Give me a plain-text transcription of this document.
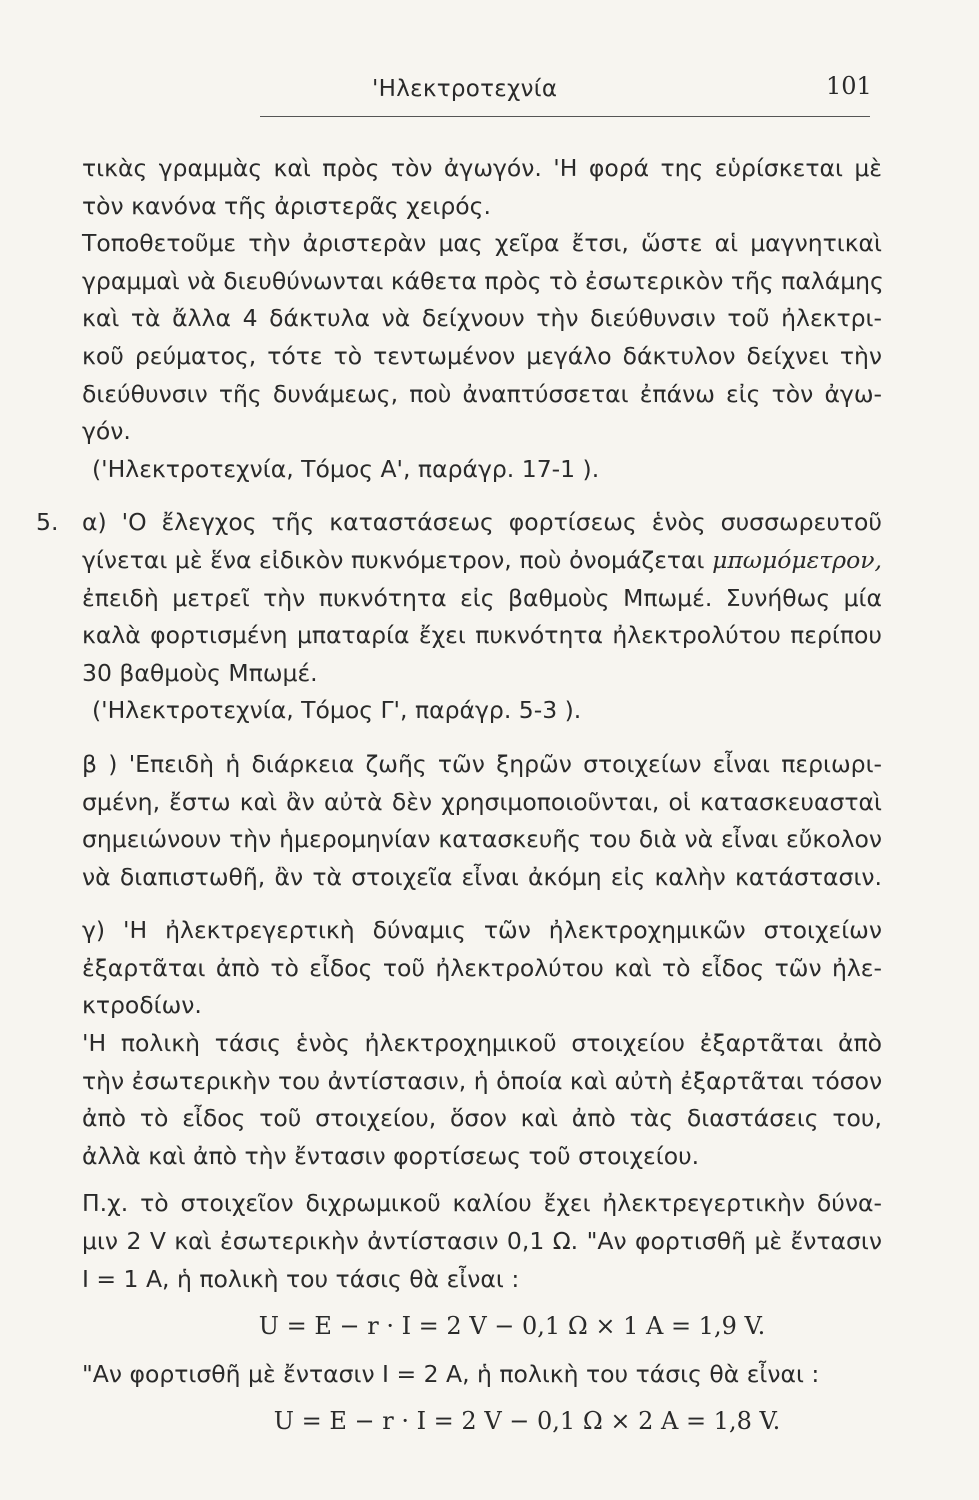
'Ηλεκτροτεχνία	101
τικὰς γραμμὰς καὶ πρὸς τὸν ἀγωγόν. 'Η φορά της εὑρίσκεται μὲ
τὸν κανόνα τῆς ἀριστερᾶς χειρός.
Τοποθετοῦμε τὴν ἀριστερὰν μας χεῖρα ἔτσι, ὥστε αἱ μαγνητικαὶ
γραμμαὶ νὰ διευθύνωνται κάθετα πρὸς τὸ ἐσωτερικὸν τῆς παλάμης
καὶ τὰ ἄλλα 4 δάκτυλα νὰ δείχνουν τὴν διεύθυνσιν τοῦ ἠλεκτρι-
κοῦ ρεύματος, τότε τὸ τεντωμένον μεγάλο δάκτυλον δείχνει τὴν
διεύθυνσιν τῆς δυνάμεως, ποὺ ἀναπτύσσεται ἐπάνω εἰς τὸν ἀγω-
γόν.
('Ηλεκτροτεχνία, Τόμος Α', παράγρ. 17-1 ).
5. α) 'Ο ἔλεγχος τῆς καταστάσεως φορτίσεως ἑνὸς συσσωρευτοῦ
γίνεται μὲ ἕνα εἰδικὸν πυκνόμετρον, ποὺ ὀνομάζεται μπωμόμετρον,
ἐπειδὴ μετρεῖ τὴν πυκνότητα εἰς βαθμοὺς Μπωμέ. Συνήθως μία
καλὰ φορτισμένη μπαταρία ἔχει πυκνότητα ἠλεκτρολύτου περίπου
30 βαθμοὺς Μπωμέ.
('Ηλεκτροτεχνία, Τόμος Γ', παράγρ. 5-3 ).
β ) 'Επειδὴ ἡ διάρκεια ζωῆς τῶν ξηρῶν στοιχείων εἶναι περιωρι-
σμένη, ἔστω καὶ ἂν αὐτὰ δὲν χρησιμοποιοῦνται, οἱ κατασκευασταὶ
σημειώνουν τὴν ἡμερομηνίαν κατασκευῆς του διὰ νὰ εἶναι εὔκολον
νὰ διαπιστωθῆ, ἂν τὰ στοιχεῖα εἶναι ἀκόμη εἰς καλὴν κατάστασιν.
γ) 'Η ἠλεκτρεγερτικὴ δύναμις τῶν ἠλεκτροχημικῶν στοιχείων
ἐξαρτᾶται ἀπὸ τὸ εἶδος τοῦ ἠλεκτρολύτου καὶ τὸ εἶδος τῶν ἠλε-
κτροδίων.
'Η πολικὴ τάσις ἑνὸς ἠλεκτροχημικοῦ στοιχείου ἐξαρτᾶται ἀπὸ
τὴν ἐσωτερικὴν του ἀντίστασιν, ἡ ὁποία καὶ αὐτὴ ἐξαρτᾶται τόσον
ἀπὸ τὸ εἶδος τοῦ στοιχείου, ὅσον καὶ ἀπὸ τὰς διαστάσεις του,
ἀλλὰ καὶ ἀπὸ τὴν ἔντασιν φορτίσεως τοῦ στοιχείου.
Π.χ. τὸ στοιχεῖον διχρωμικοῦ καλίου ἔχει ἠλεκτρεγερτικὴν δύνα-
μιν 2 V καὶ ἐσωτερικὴν ἀντίστασιν 0,1 Ω. "Αν φορτισθῆ μὲ ἔντασιν
Ι = 1 Α, ἡ πολικὴ του τάσις θὰ εἶναι :
U = E − r · I = 2 V − 0,1 Ω × 1 A = 1,9 V.
"Αν φορτισθῆ μὲ ἔντασιν Ι = 2 Α, ἡ πολικὴ του τάσις θὰ εἶναι :
U = E − r · I = 2 V − 0,1 Ω × 2 A = 1,8 V.
